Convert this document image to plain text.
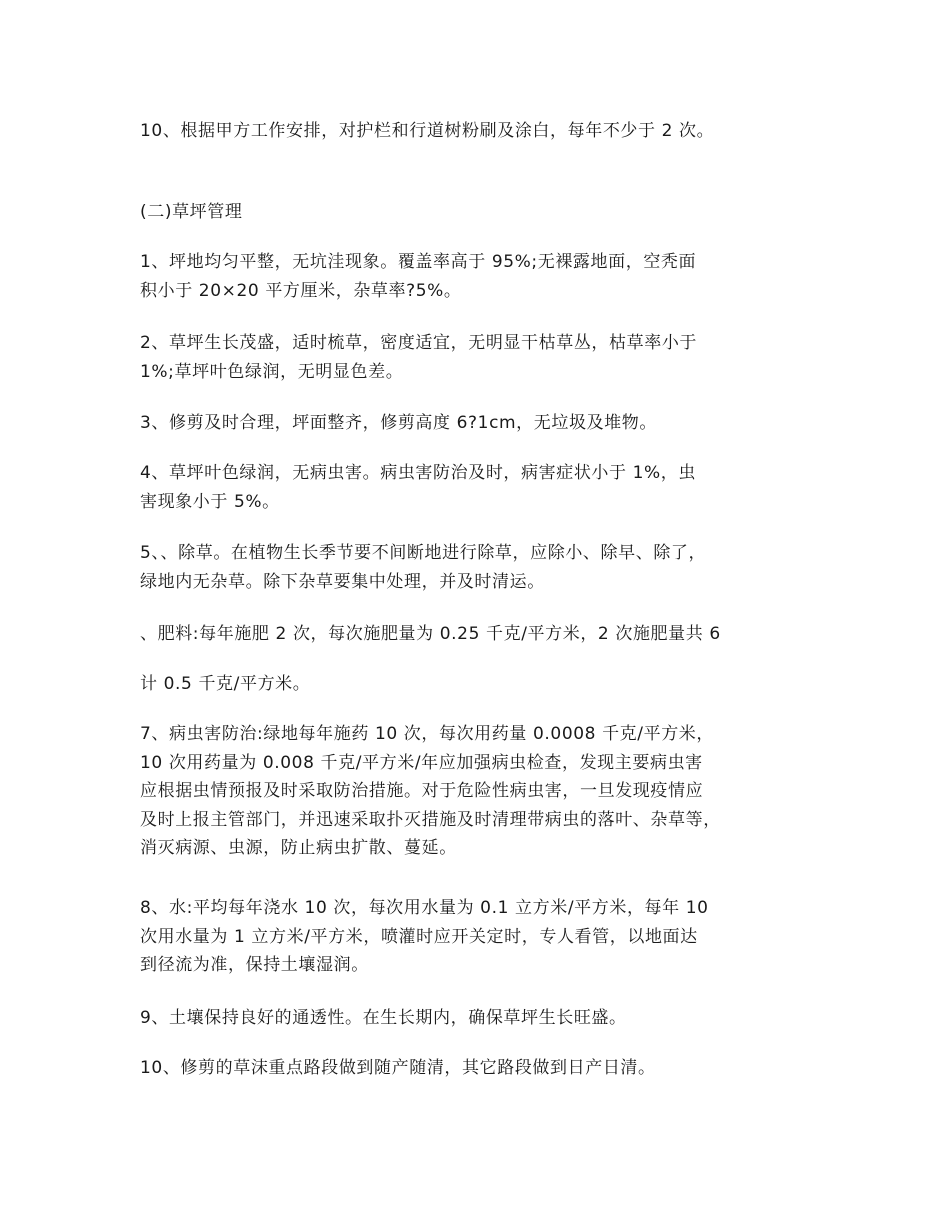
10、根据甲方工作安排，对护栏和行道树粉刷及涂白，每年不少于 2 次。

(二)草坪管理

1、坪地均匀平整，无坑洼现象。覆盖率高于 95%;无裸露地面，空秃面
积小于 20×20 平方厘米，杂草率?5%。

2、草坪生长茂盛，适时梳草，密度适宜，无明显干枯草丛，枯草率小于
1%;草坪叶色绿润，无明显色差。

3、修剪及时合理，坪面整齐，修剪高度 6?1cm，无垃圾及堆物。

4、草坪叶色绿润，无病虫害。病虫害防治及时，病害症状小于 1%，虫
害现象小于 5%。

5、、除草。在植物生长季节要不间断地进行除草，应除小、除早、除了，
绿地内无杂草。除下杂草要集中处理，并及时清运。

、肥料:每年施肥 2 次，每次施肥量为 0.25 千克/平方米，2 次施肥量共 6

计 0.5 千克/平方米。

7、病虫害防治:绿地每年施药 10 次，每次用药量 0.0008 千克/平方米，
10 次用药量为 0.008 千克/平方米/年应加强病虫检查，发现主要病虫害
应根据虫情预报及时采取防治措施。对于危险性病虫害，一旦发现疫情应
及时上报主管部门，并迅速采取扑灭措施及时清理带病虫的落叶、杂草等，
消灭病源、虫源，防止病虫扩散、蔓延。

8、水:平均每年浇水 10 次，每次用水量为 0.1 立方米/平方米，每年 10
次用水量为 1 立方米/平方米，喷灌时应开关定时，专人看管，以地面达
到径流为准，保持土壤湿润。

9、土壤保持良好的通透性。在生长期内，确保草坪生长旺盛。

10、修剪的草沫重点路段做到随产随清，其它路段做到日产日清。
